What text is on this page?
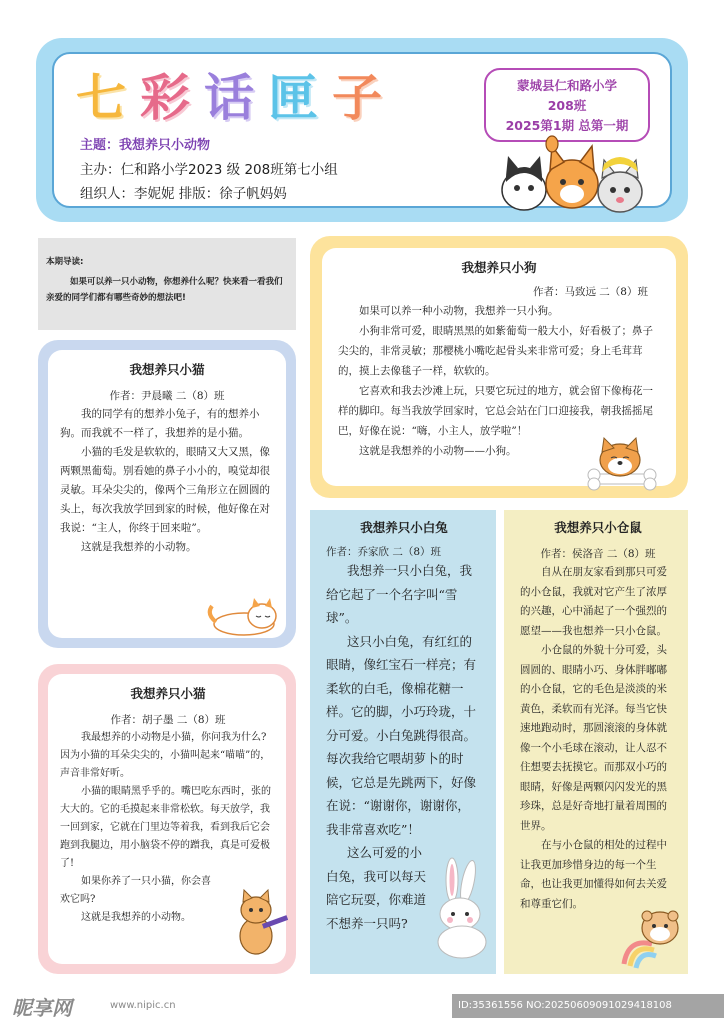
七彩话匣子
主题：我想养只小动物
主办：仁和路小学2023 级 208班第七小组
组织人：李妮妮 排版：徐子帆妈妈
蒙城县仁和路小学
208班
2025第1期 总第一期
本期导读:
如果可以养一只小动物，你想养什么呢？快来看一看我们亲爱的同学们都有哪些奇妙的想法吧!
我想养只小猫
作者：尹晨曦 二（8）班

我的同学有的想养小兔子，有的想养小狗。而我就不一样了，我想养的是小猫。

小猫的毛发是软软的，眼睛又大又黑，像两颗黑葡萄。别看她的鼻子小小的，嗅觉却很灵敏。耳朵尖尖的，像两个三角形立在圆圆的头上，每次我放学回到家的时候，他好像在对我说：“主人，你终于回来啦”。

这就是我想养的小动物。

我想养只小猫
作者：胡子墨 二（8）班

我最想养的小动物是小猫，你问我为什么? 因为小猫的耳朵尖尖的，小猫叫起来“喵喵”的，声音非常好听。

小猫的眼睛黑乎乎的。嘴巴吃东西时，张的大大的。它的毛摸起来非常松软。每天放学，我一回到家，它就在门里边等着我，看到我后它会跑到我腿边，用小脑袋不停的蹭我，真是可爱极了!

如果你养了一只小猫，你会喜欢它吗?

这就是我想养的小动物。

我想养只小狗
作者：马致远 二（8）班

如果可以养一种小动物，我想养一只小狗。

小狗非常可爱，眼睛黑黑的如紫葡萄一般大小，好看极了；鼻子尖尖的，非常灵敏；那樱桃小嘴吃起骨头来非常可爱；身上毛茸茸的，摸上去像毯子一样，软软的。

它喜欢和我去沙滩上玩，只要它玩过的地方，就会留下像梅花一样的脚印。每当我放学回家时，它总会站在门口迎接我，朝我摇摇尾巴，好像在说：“嗨，小主人，放学啦”！

这就是我想养的小动物——小狗。

我想养只小白兔
作者：乔家欣 二（8）班

我想养一只小白兔，我给它起了一个名字叫“雪球”。

这只小白兔，有红红的眼睛，像红宝石一样亮；有柔软的白毛，像棉花糖一样。它的脚，小巧玲珑，十分可爱。小白兔跳得很高。每次我给它喂胡萝卜的时候，它总是先跳两下，好像在说：“谢谢你，谢谢你，我非常喜欢吃”！

这么可爱的小白兔，我可以每天陪它玩耍，你难道不想养一只吗?

我想养只小仓鼠
作者：侯洛音 二（8）班

自从在朋友家看到那只可爱的小仓鼠，我就对它产生了浓厚的兴趣，心中涌起了一个强烈的愿望——我也想养一只小仓鼠。

小仓鼠的外貌十分可爱，头圆圆的、眼睛小巧、身体胖嘟嘟的小仓鼠，它的毛色是淡淡的米黄色，柔软而有光泽。每当它快速地跑动时，那圆滚滚的身体就像一个小毛球在滚动，让人忍不住想要去抚摸它。而那双小巧的眼睛，好像是两颗闪闪发光的黑珍珠，总是好奇地打量着周围的世界。

在与小仓鼠的相处的过程中让我更加珍惜身边的每一个生命，也让我更加懂得如何去关爱和尊重它们。

昵享网	www.nipic.cn	ID:35361556 NO:20250609091029418108
